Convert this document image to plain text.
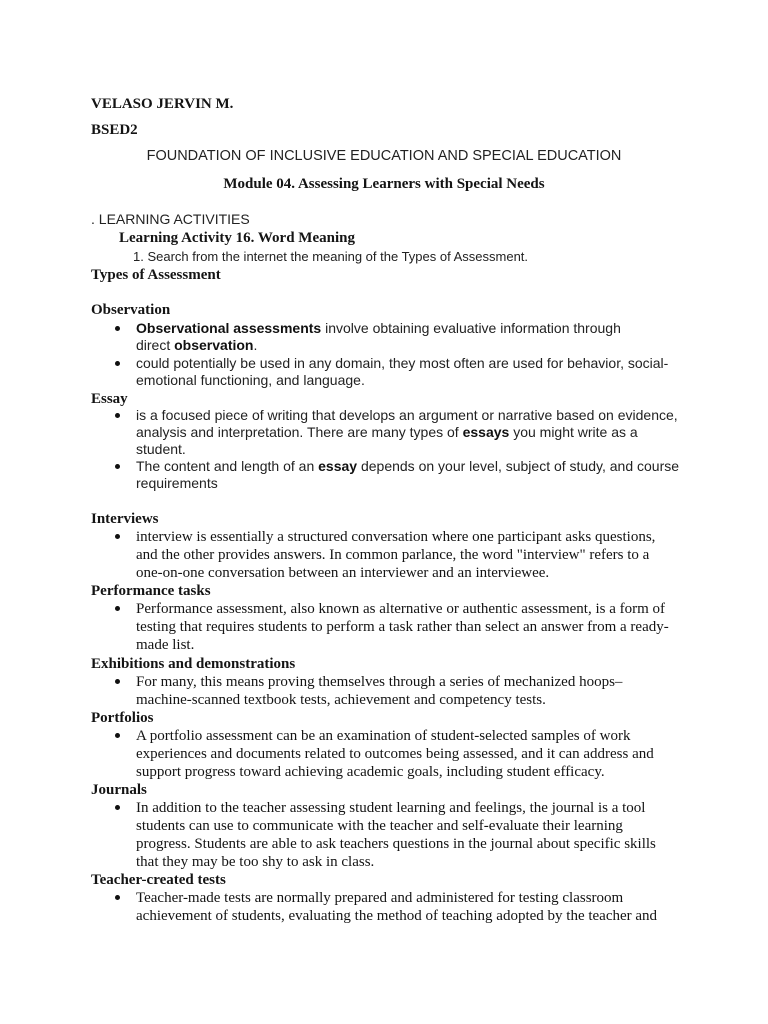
VELASO JERVIN M.
BSED2
FOUNDATION OF INCLUSIVE EDUCATION AND SPECIAL EDUCATION
Module 04. Assessing Learners with Special Needs
. LEARNING ACTIVITIES
Learning Activity 16. Word Meaning
1. Search from the internet the meaning of the Types of Assessment.
Types of Assessment
Observation
Observational assessments involve obtaining evaluative information through
direct observation.
could potentially be used in any domain, they most often are used for behavior, social-
emotional functioning, and language.
Essay
is a focused piece of writing that develops an argument or narrative based on evidence,
analysis and interpretation. There are many types of essays you might write as a
student.
The content and length of an essay depends on your level, subject of study, and course
requirements
Interviews
interview is essentially a structured conversation where one participant asks questions,
and the other provides answers. In common parlance, the word "interview" refers to a
one-on-one conversation between an interviewer and an interviewee.
Performance tasks
Performance assessment, also known as alternative or authentic assessment, is a form of
testing that requires students to perform a task rather than select an answer from a ready-
made list.
Exhibitions and demonstrations
For many, this means proving themselves through a series of mechanized hoops–
machine-scanned textbook tests, achievement and competency tests.
Portfolios
A portfolio assessment can be an examination of student-selected samples of work
experiences and documents related to outcomes being assessed, and it can address and
support progress toward achieving academic goals, including student efficacy.
Journals
In addition to the teacher assessing student learning and feelings, the journal is a tool
students can use to communicate with the teacher and self-evaluate their learning
progress. Students are able to ask teachers questions in the journal about specific skills
that they may be too shy to ask in class.
Teacher-created tests
Teacher-made tests are normally prepared and administered for testing classroom
achievement of students, evaluating the method of teaching adopted by the teacher and
